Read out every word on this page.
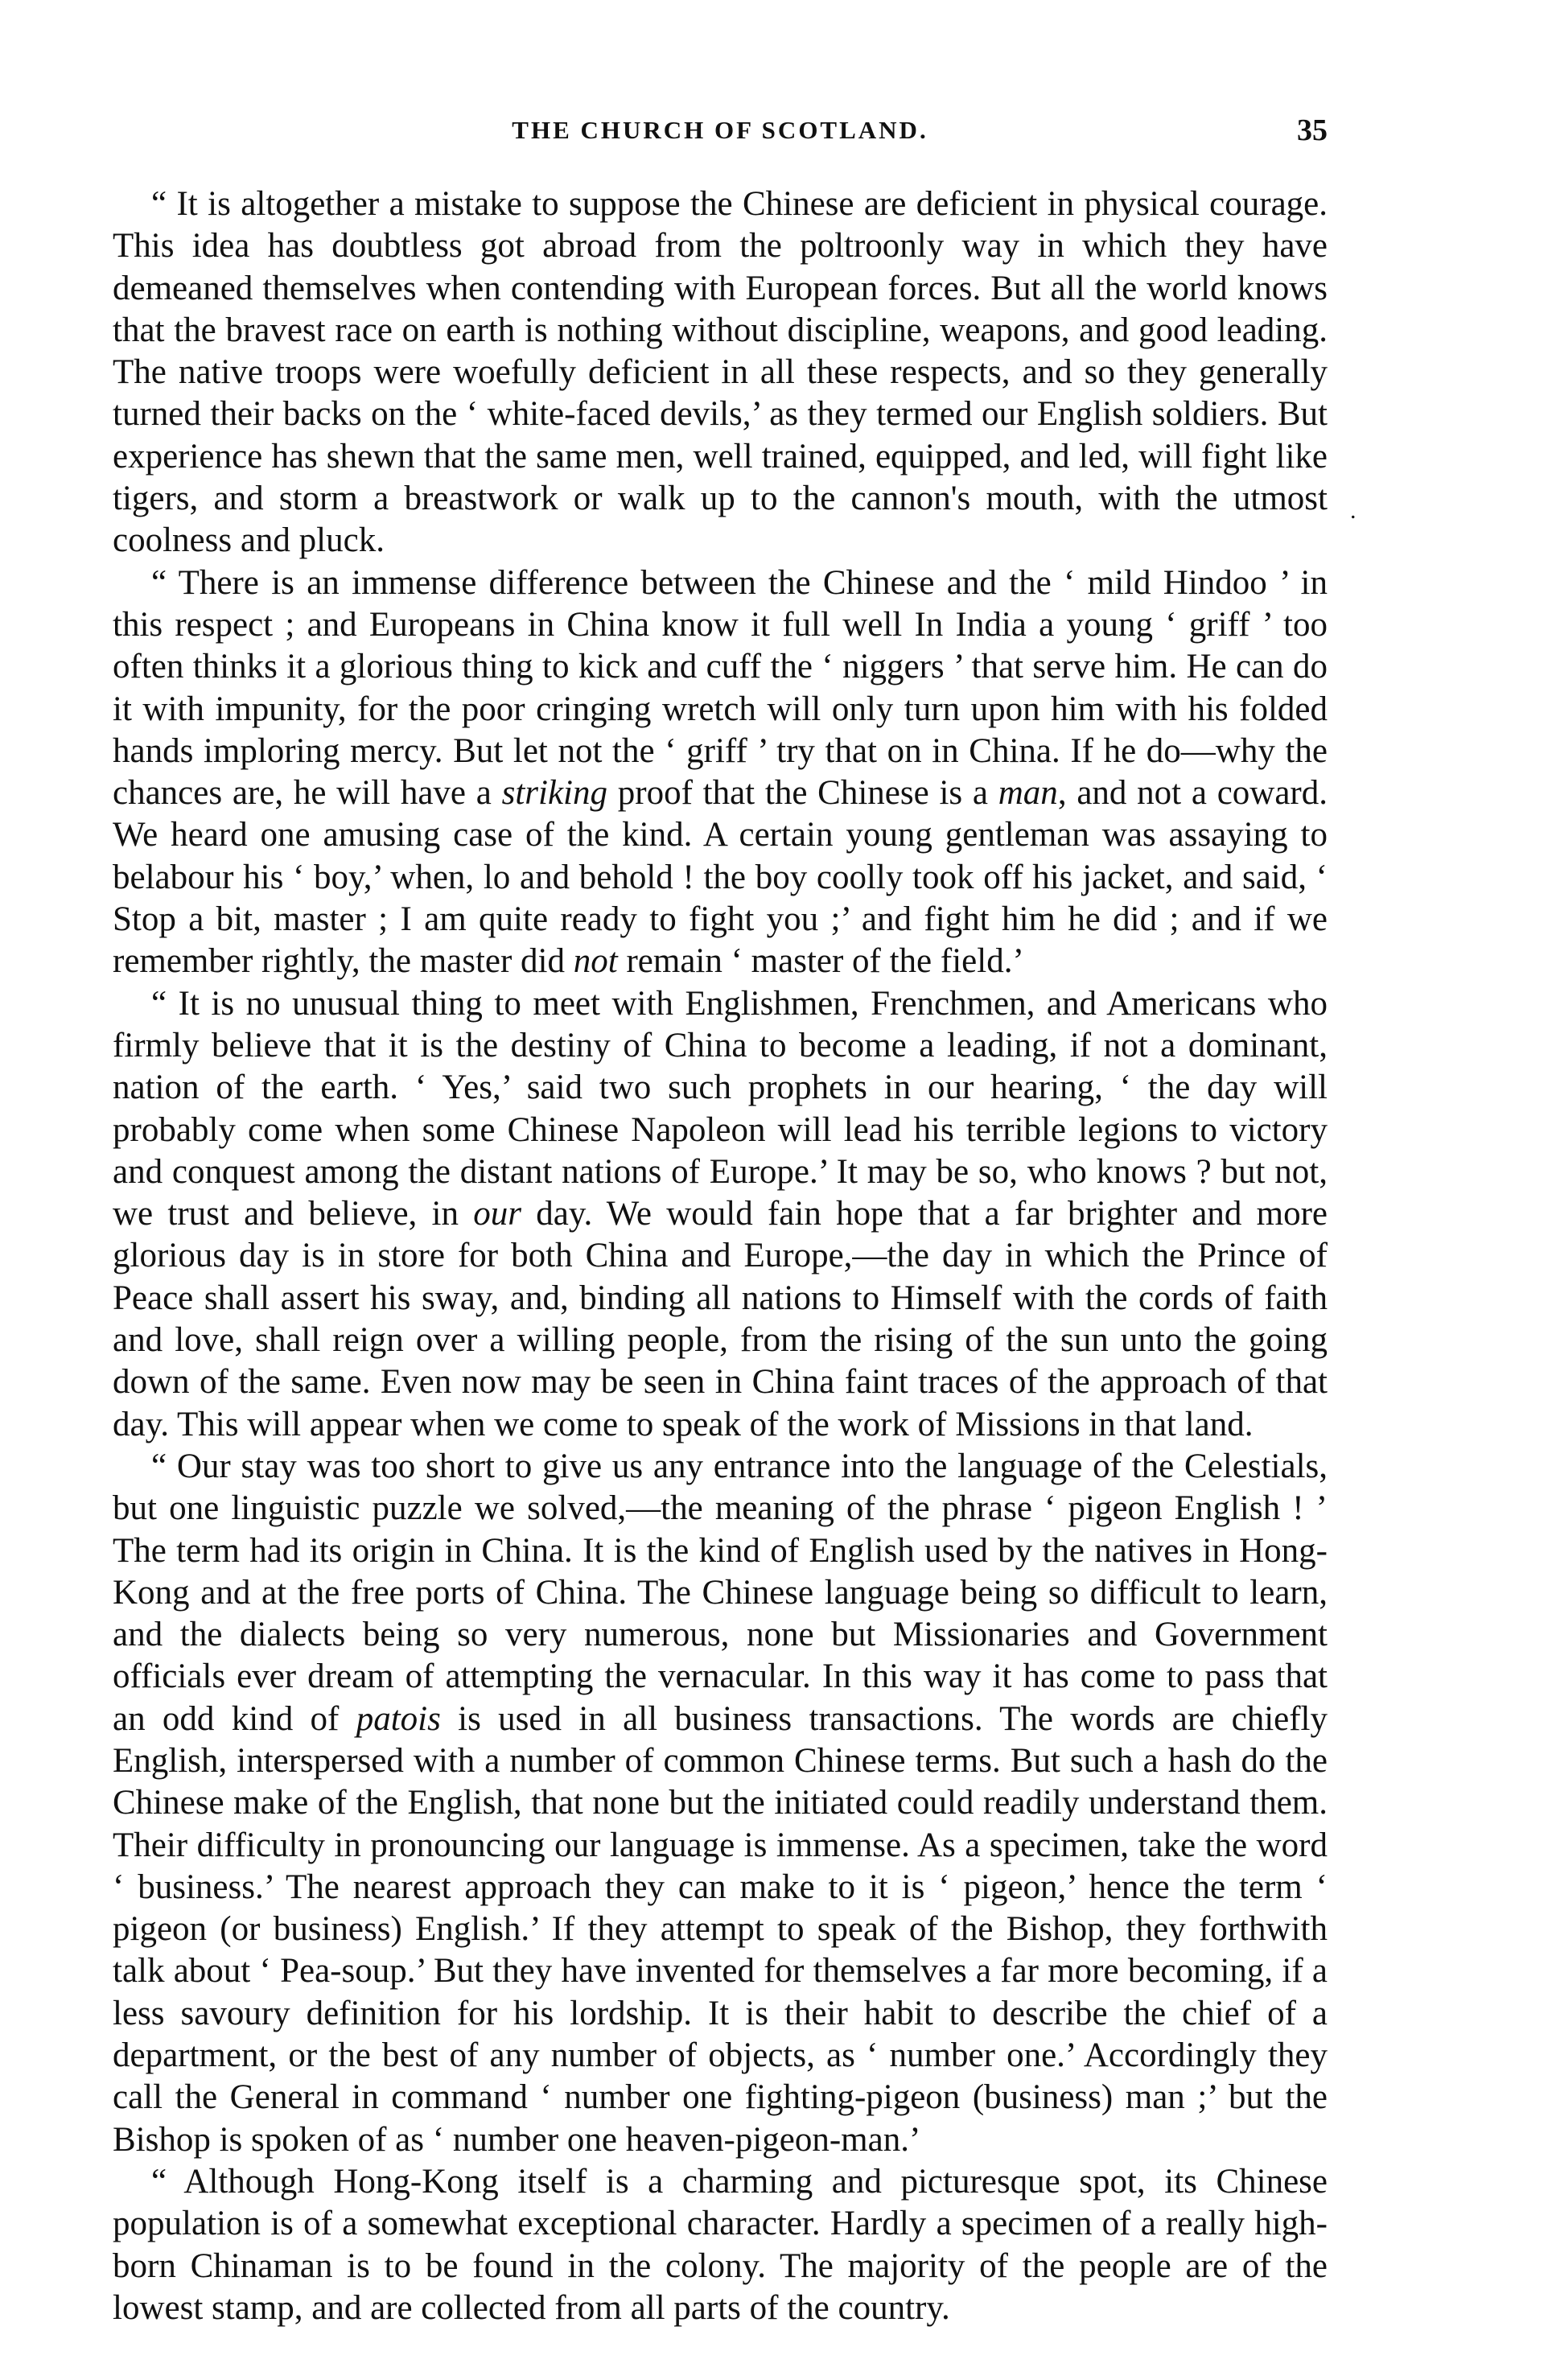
THE CHURCH OF SCOTLAND.	35

“ It is altogether a mistake to suppose the Chinese are deficient in physical courage. This idea has doubtless got abroad from the poltroonly way in which they have demeaned themselves when contending with European forces. But all the world knows that the bravest race on earth is nothing without discipline, weapons, and good leading. The native troops were woefully deficient in all these respects, and so they generally turned their backs on the ‘ white-faced devils,’ as they termed our English soldiers. But experience has shewn that the same men, well trained, equipped, and led, will fight like tigers, and storm a breastwork or walk up to the cannon's mouth, with the utmost coolness and pluck.

“ There is an immense difference between the Chinese and the ‘ mild Hindoo ’ in this respect ; and Europeans in China know it full well In India a young ‘ griff ’ too often thinks it a glorious thing to kick and cuff the ‘ niggers ’ that serve him. He can do it with impunity, for the poor cringing wretch will only turn upon him with his folded hands imploring mercy. But let not the ‘ griff ’ try that on in China. If he do—why the chances are, he will have a striking proof that the Chinese is a man, and not a coward. We heard one amusing case of the kind. A certain young gentleman was assaying to belabour his ‘ boy,’ when, lo and behold ! the boy coolly took off his jacket, and said, ‘ Stop a bit, master ; I am quite ready to fight you ;’ and fight him he did ; and if we remember rightly, the master did not remain ‘ master of the field.’

“ It is no unusual thing to meet with Englishmen, Frenchmen, and Americans who firmly believe that it is the destiny of China to become a leading, if not a dominant, nation of the earth. ‘ Yes,’ said two such prophets in our hearing, ‘ the day will probably come when some Chinese Napoleon will lead his terrible legions to victory and conquest among the distant nations of Europe.’ It may be so, who knows ? but not, we trust and believe, in our day. We would fain hope that a far brighter and more glorious day is in store for both China and Europe,—the day in which the Prince of Peace shall assert his sway, and, binding all nations to Himself with the cords of faith and love, shall reign over a willing people, from the rising of the sun unto the going down of the same. Even now may be seen in China faint traces of the approach of that day. This will appear when we come to speak of the work of Missions in that land.

“ Our stay was too short to give us any entrance into the language of the Celestials, but one linguistic puzzle we solved,—the meaning of the phrase ‘ pigeon English ! ’ The term had its origin in China. It is the kind of English used by the natives in Hong-Kong and at the free ports of China. The Chinese language being so difficult to learn, and the dialects being so very numerous, none but Missionaries and Government officials ever dream of attempting the vernacular. In this way it has come to pass that an odd kind of patois is used in all business transactions. The words are chiefly English, interspersed with a number of common Chinese terms. But such a hash do the Chinese make of the English, that none but the initiated could readily understand them. Their difficulty in pronouncing our language is immense. As a specimen, take the word ‘ business.’ The nearest approach they can make to it is ‘ pigeon,’ hence the term ‘ pigeon (or business) English.’ If they attempt to speak of the Bishop, they forthwith talk about ‘ Pea-soup.’ But they have invented for themselves a far more becoming, if a less savoury definition for his lordship. It is their habit to describe the chief of a department, or the best of any number of objects, as ‘ number one.’ Accordingly they call the General in command ‘ number one fighting-pigeon (business) man ;’ but the Bishop is spoken of as ‘ number one heaven-pigeon-man.’

“ Although Hong-Kong itself is a charming and picturesque spot, its Chinese population is of a somewhat exceptional character. Hardly a specimen of a really high-born Chinaman is to be found in the colony. The majority of the people are of the lowest stamp, and are collected from all parts of the country.

.
